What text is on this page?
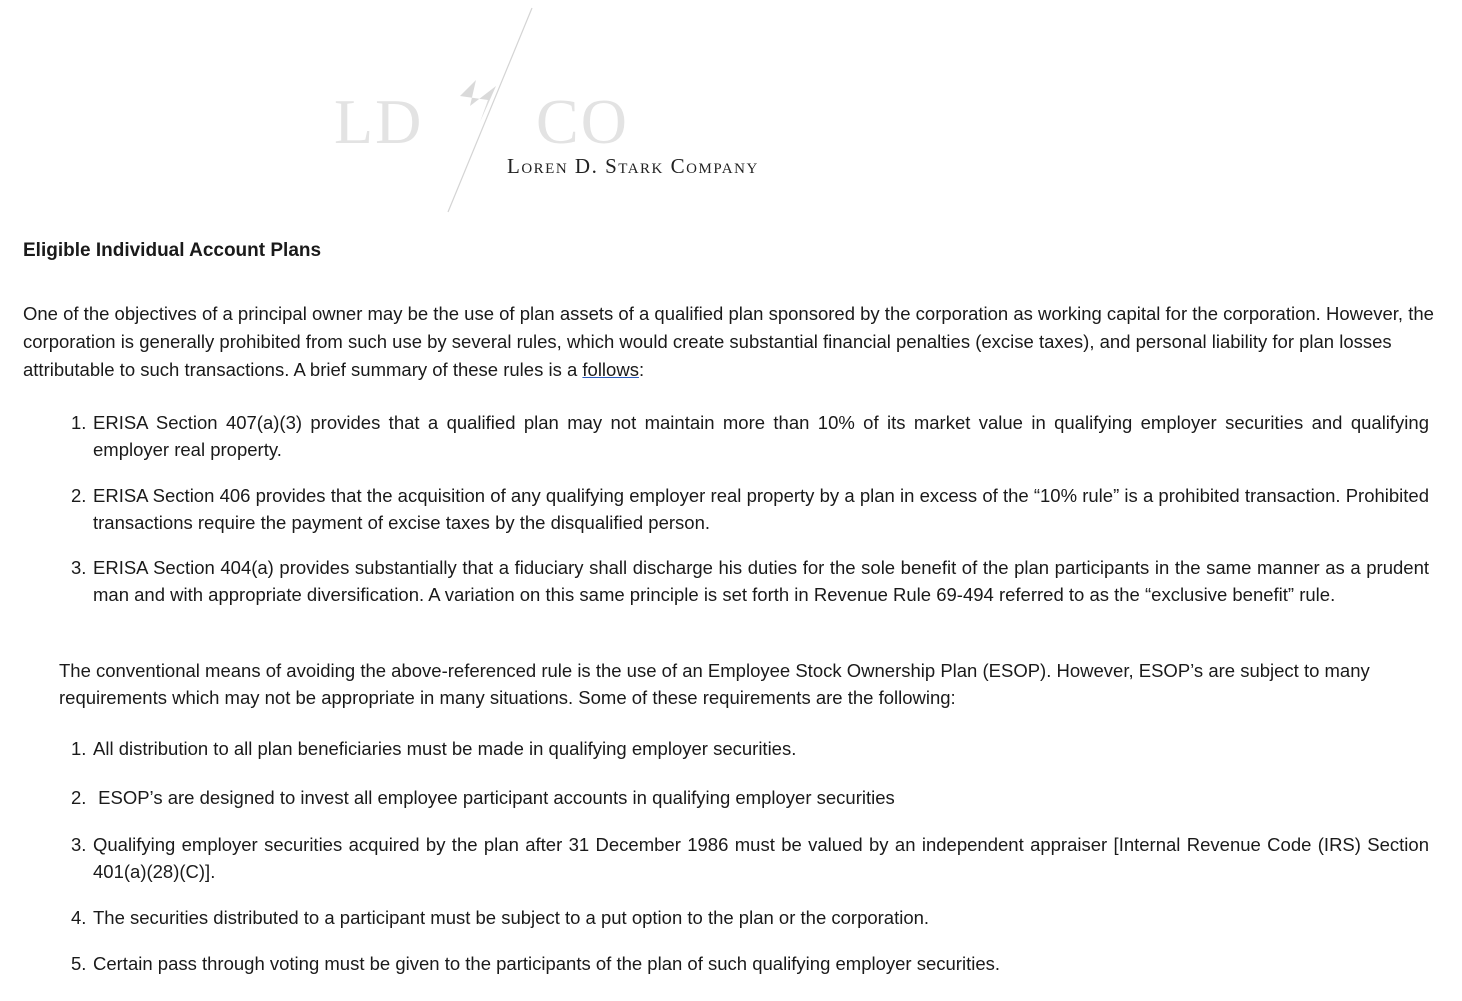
LD CO
Loren D. Stark Company
Eligible Individual Account Plans

One of the objectives of a principal owner may be the use of plan assets of a qualified plan sponsored by the corporation as working capital for the corporation. However, the corporation is generally prohibited from such use by several rules, which would create substantial financial penalties (excise taxes), and personal liability for plan losses attributable to such transactions. A brief summary of these rules is a follows:

1. ERISA Section 407(a)(3) provides that a qualified plan may not maintain more than 10% of its market value in qualifying employer securities and qualifying employer real property.

2. ERISA Section 406 provides that the acquisition of any qualifying employer real property by a plan in excess of the “10% rule” is a prohibited transaction. Prohibited transactions require the payment of excise taxes by the disqualified person.

3. ERISA Section 404(a) provides substantially that a fiduciary shall discharge his duties for the sole benefit of the plan participants in the same manner as a prudent man and with appropriate diversification. A variation on this same principle is set forth in Revenue Rule 69-494 referred to as the “exclusive benefit” rule.

The conventional means of avoiding the above-referenced rule is the use of an Employee Stock Ownership Plan (ESOP). However, ESOP’s are subject to many requirements which may not be appropriate in many situations. Some of these requirements are the following:

1. All distribution to all plan beneficiaries must be made in qualifying employer securities.

2. ESOP’s are designed to invest all employee participant accounts in qualifying employer securities

3. Qualifying employer securities acquired by the plan after 31 December 1986 must be valued by an independent appraiser [Internal Revenue Code (IRS) Section 401(a)(28)(C)].

4. The securities distributed to a participant must be subject to a put option to the plan or the corporation.

5. Certain pass through voting must be given to the participants of the plan of such qualifying employer securities.
